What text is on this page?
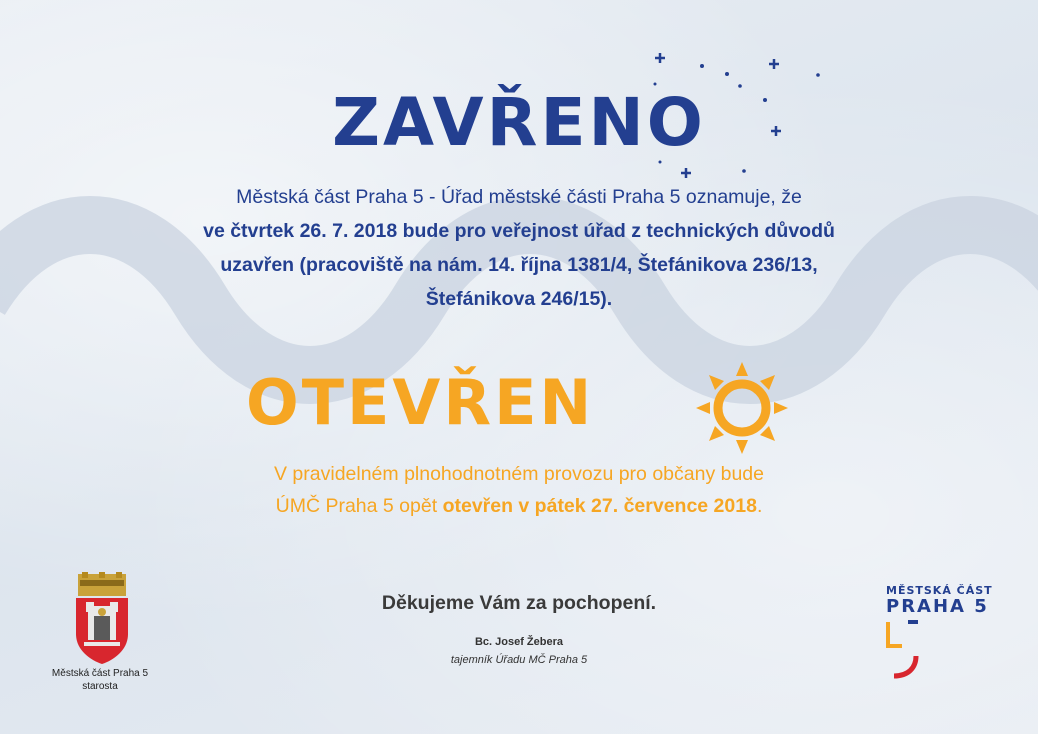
ZAVŘENO
Městská část Praha 5 - Úřad městské části Praha 5 oznamuje, že
ve čtvrtek 26. 7. 2018 bude pro veřejnost úřad z technických důvodů
uzavřen (pracoviště na nám. 14. října 1381/4, Štefánikova 236/13,
Štefánikova 246/15).
OTEVŘEN
V pravidelném plnohodnotném provozu pro občany bude
ÚMČ Praha 5 opět otevřen v pátek 27. července 2018.

Děkujeme Vám za pochopení.

Bc. Josef Žebera
tajemník Úřadu MČ Praha 5
Městská část Praha 5
starosta
MĚSTSKÁ ČÁST
PRAHA 5
